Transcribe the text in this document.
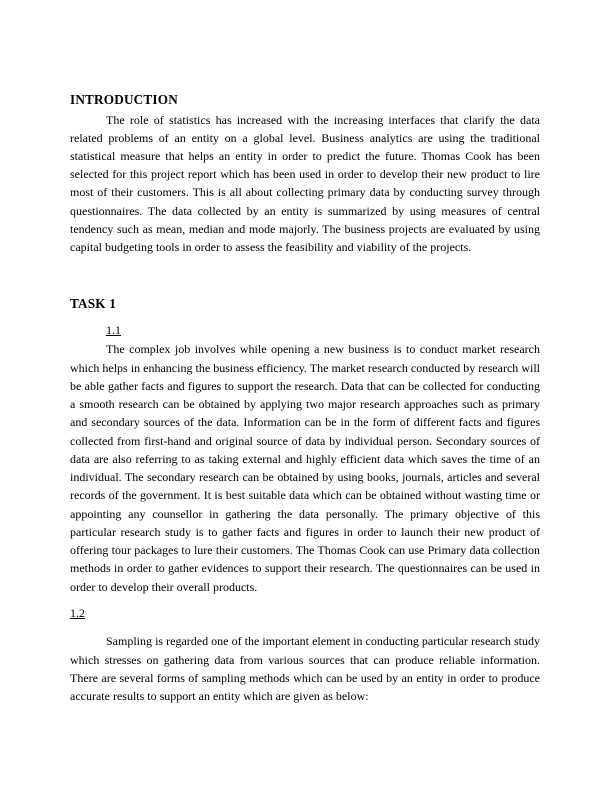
INTRODUCTION

The role of statistics has increased with the increasing interfaces that clarify the data related problems of an entity on a global level. Business analytics are using the traditional statistical measure that helps an entity in order to predict the future. Thomas Cook has been selected for this project report which has been used in order to develop their new product to lire most of their customers. This is all about collecting primary data by conducting survey through questionnaires. The data collected by an entity is summarized by using measures of central tendency such as mean, median and mode majorly. The business projects are evaluated by using capital budgeting tools in order to assess the feasibility and viability of the projects.

TASK 1
1.1

The complex job involves while opening a new business is to conduct market research which helps in enhancing the business efficiency. The market research conducted by research will be able gather facts and figures to support the research. Data that can be collected for conducting a smooth research can be obtained by applying two major research approaches such as primary and secondary sources of the data. Information can be in the form of different facts and figures collected from first-hand and original source of data by individual person. Secondary sources of data are also referring to as taking external and highly efficient data which saves the time of an individual. The secondary research can be obtained by using books, journals, articles and several records of the government. It is best suitable data which can be obtained without wasting time or appointing any counsellor in gathering the data personally. The primary objective of this particular research study is to gather facts and figures in order to launch their new product of offering tour packages to lure their customers. The Thomas Cook can use Primary data collection methods in order to gather evidences to support their research. The questionnaires can be used in order to develop their overall products.

1.2

Sampling is regarded one of the important element in conducting particular research study which stresses on gathering data from various sources that can produce reliable information. There are several forms of sampling methods which can be used by an entity in order to produce accurate results to support an entity which are given as below:
